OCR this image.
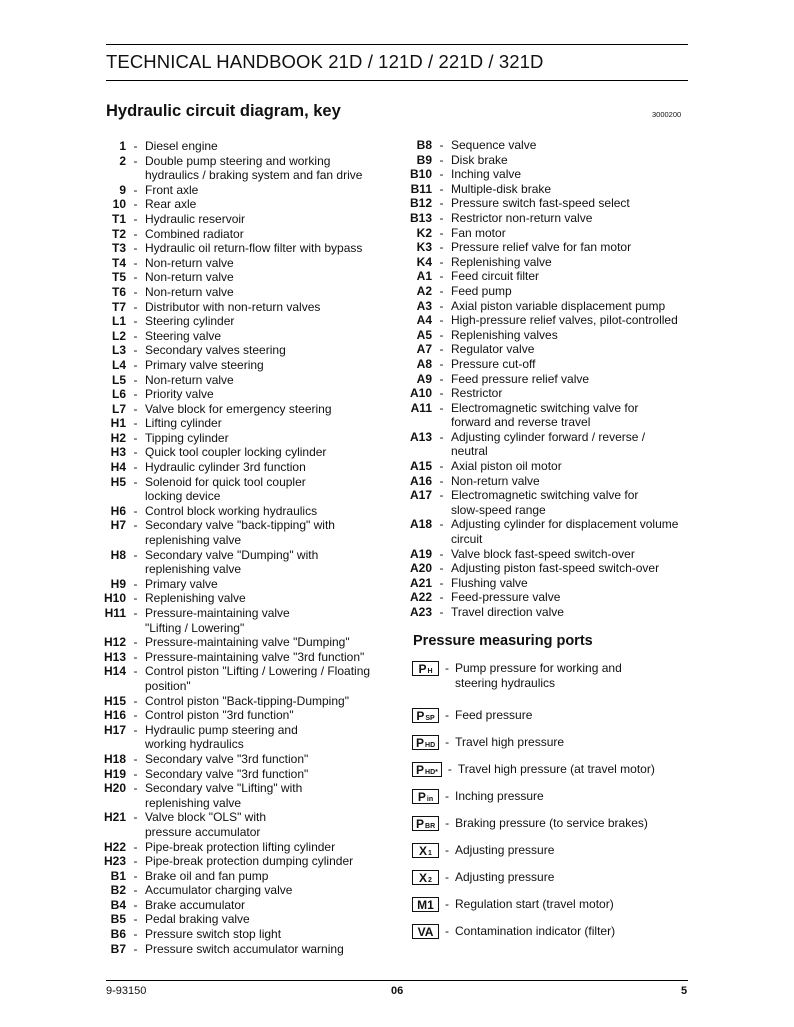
TECHNICAL HANDBOOK 21D / 121D / 221D / 321D
Hydraulic circuit diagram, key	3000200
1 - Diesel engine
2 - Double pump steering and working
hydraulics / braking system and fan drive
9 - Front axle
10 - Rear axle
T1 - Hydraulic reservoir
T2 - Combined radiator
T3 - Hydraulic oil return-flow filter with bypass
T4 - Non-return valve
T5 - Non-return valve
T6 - Non-return valve
T7 - Distributor with non-return valves
L1 - Steering cylinder
L2 - Steering valve
L3 - Secondary valves steering
L4 - Primary valve steering
L5 - Non-return valve
L6 - Priority valve
L7 - Valve block for emergency steering
H1 - Lifting cylinder
H2 - Tipping cylinder
H3 - Quick tool coupler locking cylinder
H4 - Hydraulic cylinder 3rd function
H5 - Solenoid for quick tool coupler
locking device
H6 - Control block working hydraulics
H7 - Secondary valve "back-tipping" with
replenishing valve
H8 - Secondary valve "Dumping" with
replenishing valve
H9 - Primary valve
H10 - Replenishing valve
H11 - Pressure-maintaining valve
"Lifting / Lowering"
H12 - Pressure-maintaining valve "Dumping"
H13 - Pressure-maintaining valve "3rd function"
H14 - Control piston "Lifting / Lowering / Floating
position"
H15 - Control piston "Back-tipping-Dumping"
H16 - Control piston "3rd function"
H17 - Hydraulic pump steering and
working hydraulics
H18 - Secondary valve "3rd function"
H19 - Secondary valve "3rd function"
H20 - Secondary valve "Lifting" with
replenishing valve
H21 - Valve block "OLS" with
pressure accumulator
H22 - Pipe-break protection lifting cylinder
H23 - Pipe-break protection dumping cylinder
B1 - Brake oil and fan pump
B2 - Accumulator charging valve
B4 - Brake accumulator
B5 - Pedal braking valve
B6 - Pressure switch stop light
B7 - Pressure switch accumulator warning
B8 - Sequence valve
B9 - Disk brake
B10 - Inching valve
B11 - Multiple-disk brake
B12 - Pressure switch fast-speed select
B13 - Restrictor non-return valve
K2 - Fan motor
K3 - Pressure relief valve for fan motor
K4 - Replenishing valve
A1 - Feed circuit filter
A2 - Feed pump
A3 - Axial piston variable displacement pump
A4 - High-pressure relief valves, pilot-controlled
A5 - Replenishing valves
A7 - Regulator valve
A8 - Pressure cut-off
A9 - Feed pressure relief valve
A10 - Restrictor
A11 - Electromagnetic switching valve for
forward and reverse travel
A13 - Adjusting cylinder forward / reverse /
neutral
A15 - Axial piston oil motor
A16 - Non-return valve
A17 - Electromagnetic switching valve for
slow-speed range
A18 - Adjusting cylinder for displacement volume
circuit
A19 - Valve block fast-speed switch-over
A20 - Adjusting piston fast-speed switch-over
A21 - Flushing valve
A22 - Feed-pressure valve
A23 - Travel direction valve
Pressure measuring ports
$P_H$	- Pump pressure for working and
steering hydraulics
$P_{SP}$ - Feed pressure
$P_{HD}$ - Travel high pressure
$P_{HD*}$ - Travel high pressure (at travel motor)
$P_{in}$ - Inching pressure
$P_{BR}$ - Braking pressure (to service brakes)
$X_1$	- Adjusting pressure
$X_2$	- Adjusting pressure
M1 - Regulation start (travel motor)
VA - Contamination indicator (filter)
9-93150	06	5
